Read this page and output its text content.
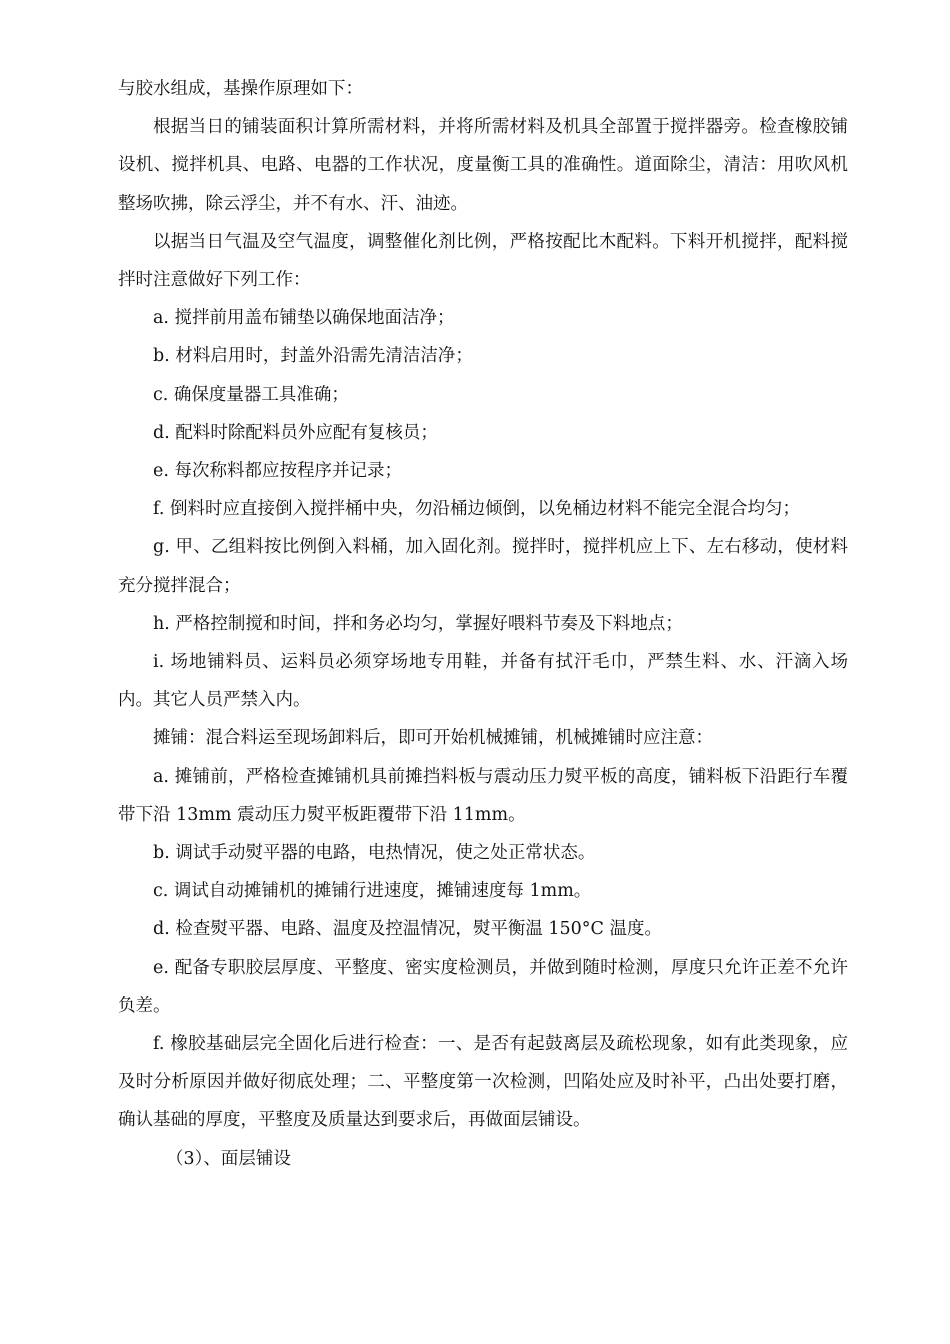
与胶水组成，基操作原理如下：

根据当日的铺装面积计算所需材料，并将所需材料及机具全部置于搅拌器旁。检查橡胶铺设机、搅拌机具、电路、电器的工作状况，度量衡工具的准确性。道面除尘，清洁：用吹风机整场吹拂，除云浮尘，并不有水、汗、油迹。

以据当日气温及空气温度，调整催化剂比例，严格按配比木配料。下料开机搅拌，配料搅拌时注意做好下列工作：

a. 搅拌前用盖布铺垫以确保地面洁净；

b. 材料启用时，封盖外沿需先清洁洁净；

c. 确保度量器工具准确；

d. 配料时除配料员外应配有复核员；

e. 每次称料都应按程序并记录；

f. 倒料时应直接倒入搅拌桶中央，勿沿桶边倾倒，以免桶边材料不能完全混合均匀；

g. 甲、乙组料按比例倒入料桶，加入固化剂。搅拌时，搅拌机应上下、左右移动，使材料充分搅拌混合；

h. 严格控制搅和时间，拌和务必均匀，掌握好喂料节奏及下料地点；

i. 场地铺料员、运料员必须穿场地专用鞋，并备有拭汗毛巾，严禁生料、水、汗滴入场内。其它人员严禁入内。

摊铺：混合料运至现场卸料后，即可开始机械摊铺，机械摊铺时应注意：

a. 摊铺前，严格检查摊铺机具前摊挡料板与震动压力熨平板的高度，铺料板下沿距行车覆带下沿 13mm 震动压力熨平板距覆带下沿 11mm。

b. 调试手动熨平器的电路，电热情况，使之处正常状态。

c. 调试自动摊铺机的摊铺行进速度，摊铺速度每 1mm。

d. 检查熨平器、电路、温度及控温情况，熨平衡温 150°C 温度。

e. 配备专职胶层厚度、平整度、密实度检测员，并做到随时检测，厚度只允许正差不允许负差。

f. 橡胶基础层完全固化后进行检查：一、是否有起鼓离层及疏松现象，如有此类现象，应及时分析原因并做好彻底处理；二、平整度第一次检测，凹陷处应及时补平，凸出处要打磨，确认基础的厚度，平整度及质量达到要求后，再做面层铺设。

（3）、面层铺设
